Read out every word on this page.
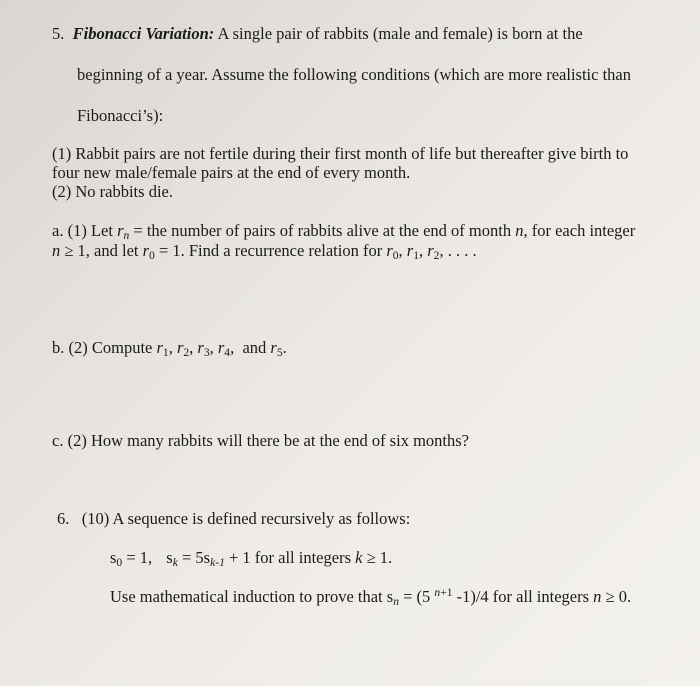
5. Fibonacci Variation: A single pair of rabbits (male and female) is born at the
beginning of a year. Assume the following conditions (which are more realistic than
Fibonacci’s):
(1) Rabbit pairs are not fertile during their first month of life but thereafter give birth to
four new male/female pairs at the end of every month.
(2) No rabbits die.
a. (1) Let $r_n$ = the number of pairs of rabbits alive at the end of month n, for each integer
n ≥ 1, and let $r_0 = 1$. Find a recurrence relation for $r_0$, $r_1$, $r_2$, . . . .
b. (2) Compute $r_1$, $r_2$, $r_3$, $r_4$,  and $r_5$.
c. (2) How many rabbits will there be at the end of six months?
6. (10) A sequence is defined recursively as follows:
$s_0 = 1$, $s_k = 5s_{k-1} + 1$ for all integers k ≥ 1.
Use mathematical induction to prove that $s_n = (5$ $^{n+1}$ -1)/4 for all integers n ≥ 0.
